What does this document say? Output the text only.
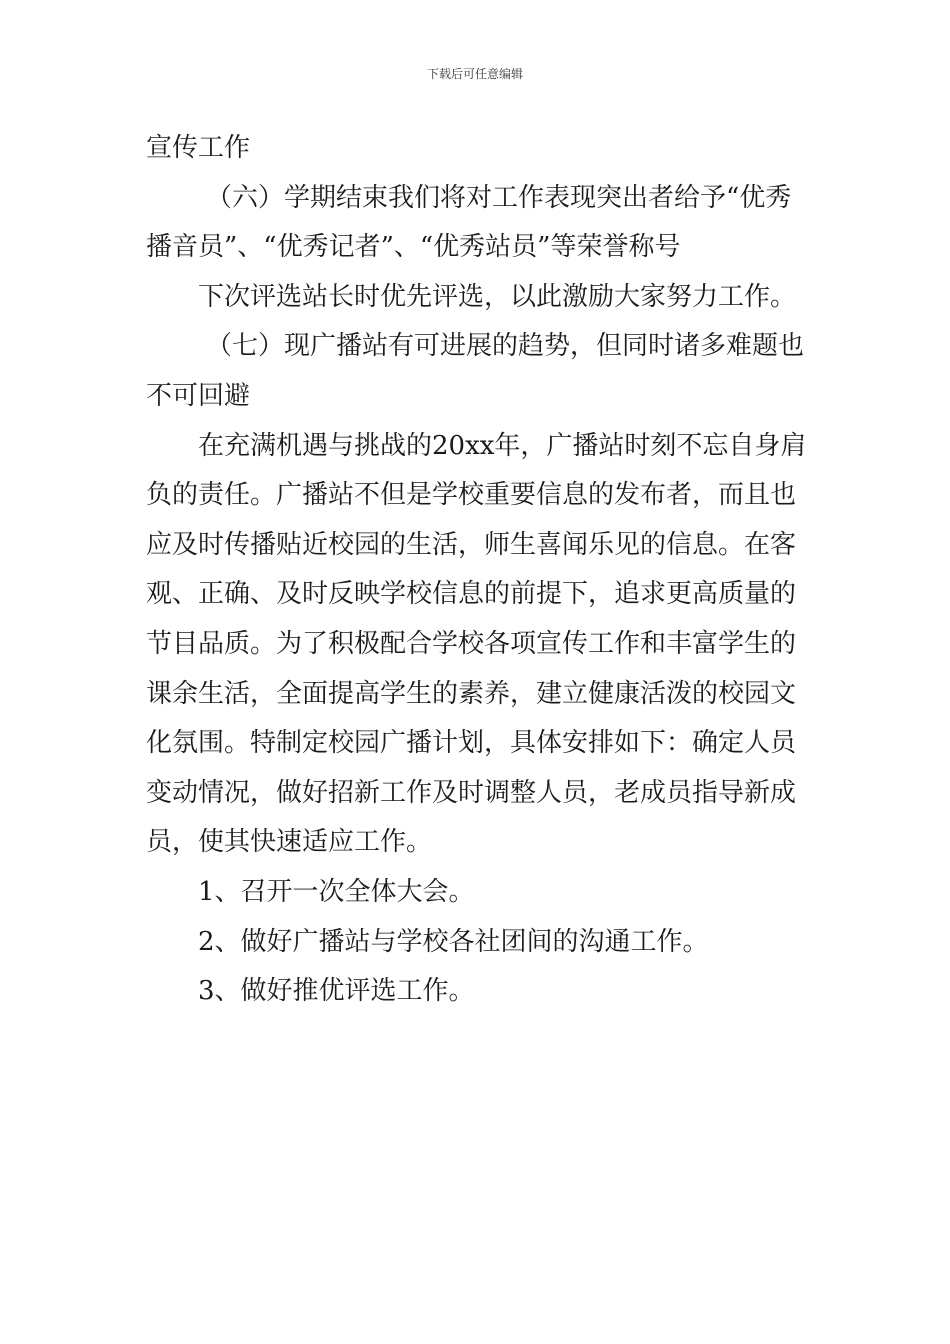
下载后可任意编辑
宣传工作
（六）学期结束我们将对工作表现突出者给予“优秀
播音员”、“优秀记者”、“优秀站员”等荣誉称号
下次评选站长时优先评选，以此激励大家努力工作。
（七）现广播站有可进展的趋势，但同时诸多难题也
不可回避
在充满机遇与挑战的20xx年，广播站时刻不忘自身肩
负的责任。广播站不但是学校重要信息的发布者，而且也
应及时传播贴近校园的生活，师生喜闻乐见的信息。在客
观、正确、及时反映学校信息的前提下，追求更高质量的
节目品质。为了积极配合学校各项宣传工作和丰富学生的
课余生活，全面提高学生的素养，建立健康活泼的校园文
化氛围。特制定校园广播计划，具体安排如下：确定人员
变动情况，做好招新工作及时调整人员，老成员指导新成
员，使其快速适应工作。
1、召开一次全体大会。
2、做好广播站与学校各社团间的沟通工作。
3、做好推优评选工作。
